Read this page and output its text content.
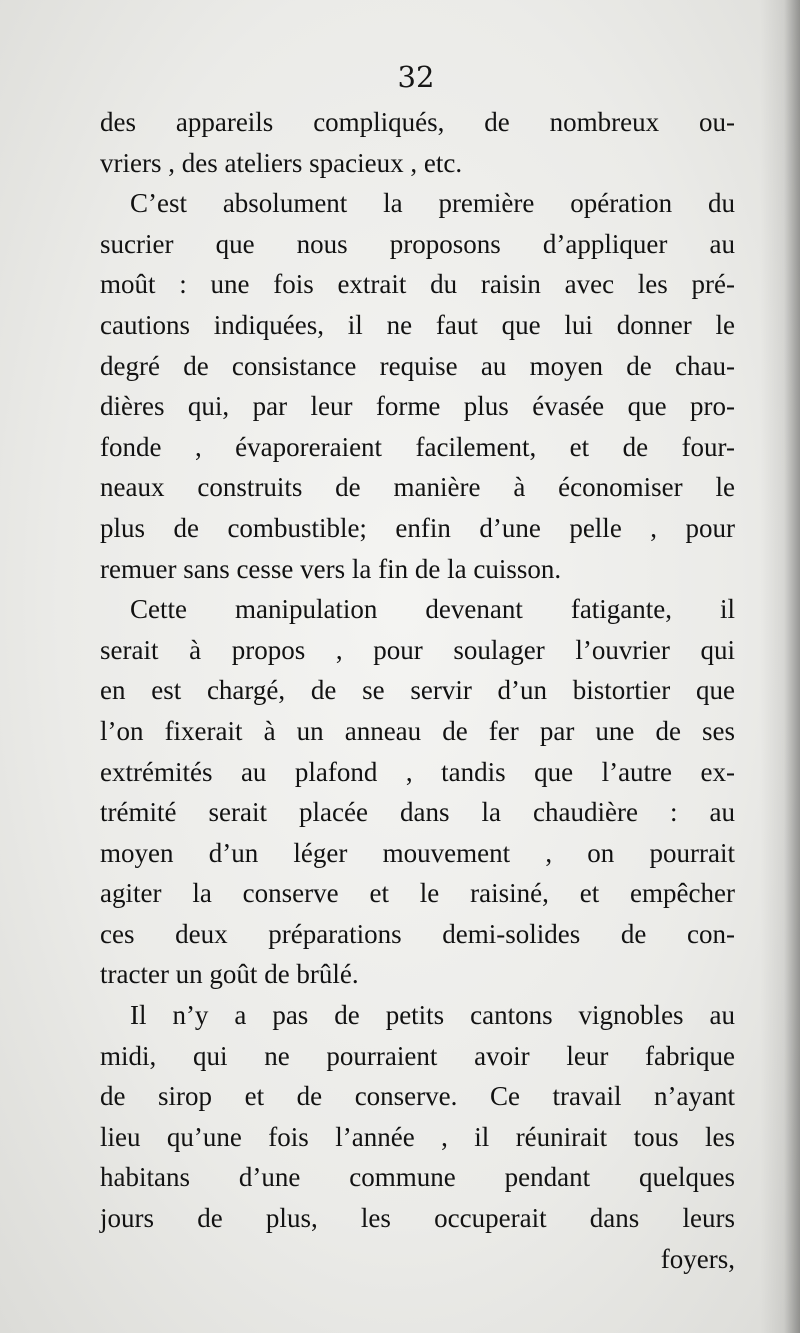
32

des appareils compliqués, de nombreux ou-
vriers , des ateliers spacieux , etc.
C’est absolument la première opération du
sucrier que nous proposons d’appliquer au
moût : une fois extrait du raisin avec les pré-
cautions indiquées, il ne faut que lui donner le
degré de consistance requise au moyen de chau-
dières qui, par leur forme plus évasée que pro-
fonde , évaporeraient facilement, et de four-
neaux construits de manière à économiser le
plus de combustible; enfin d’une pelle , pour
remuer sans cesse vers la fin de la cuisson.
Cette manipulation devenant fatigante, il
serait à propos , pour soulager l’ouvrier qui
en est chargé, de se servir d’un bistortier que
l’on fixerait à un anneau de fer par une de ses
extrémités au plafond , tandis que l’autre ex-
trémité serait placée dans la chaudière : au
moyen d’un léger mouvement , on pourrait
agiter la conserve et le raisiné, et empêcher
ces deux préparations demi-solides de con-
tracter un goût de brûlé.
Il n’y a pas de petits cantons vignobles au
midi, qui ne pourraient avoir leur fabrique
de sirop et de conserve. Ce travail n’ayant
lieu qu’une fois l’année , il réunirait tous les
habitans d’une commune pendant quelques
jours de plus, les occuperait dans leurs
foyers,
